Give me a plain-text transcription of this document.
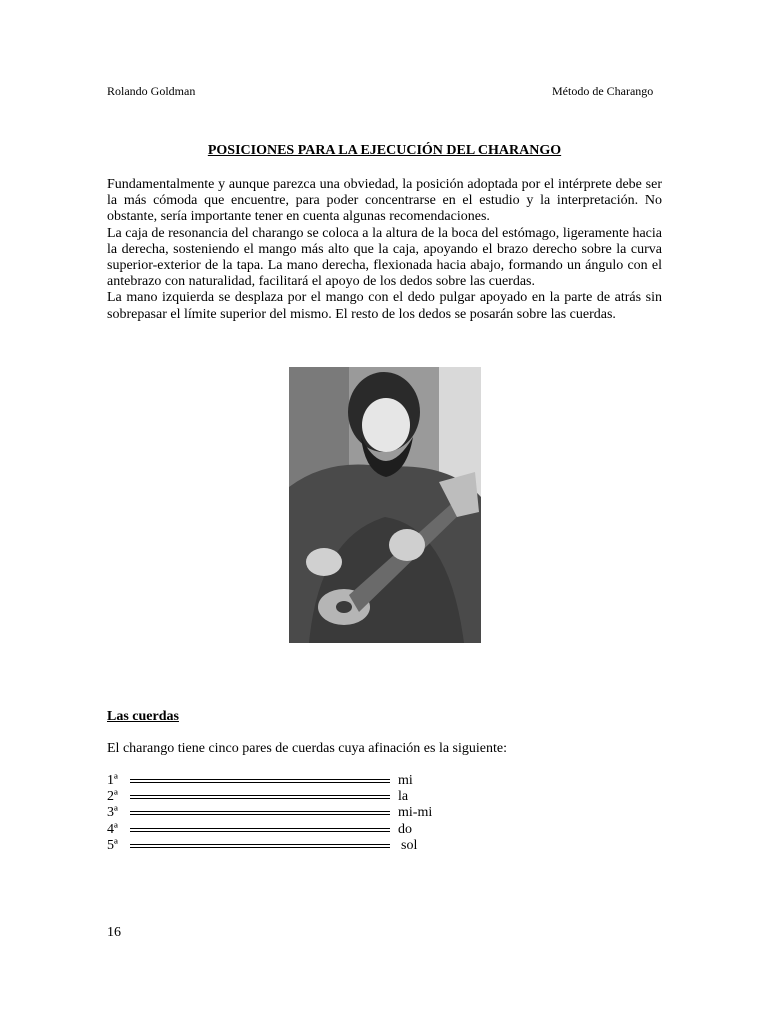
Rolando Goldman	Método de Charango
POSICIONES PARA LA EJECUCIÓN DEL CHARANGO

Fundamentalmente y aunque parezca una obviedad, la posición adoptada por el intérprete debe ser la más cómoda que encuentre, para poder concentrarse en el estudio y la interpretación. No obstante, sería importante tener en cuenta algunas recomendaciones.

La caja de resonancia del charango se coloca a la altura de la boca del estómago, ligeramente hacia la derecha, sosteniendo el mango más alto que la caja, apoyando el brazo derecho sobre la curva superior-exterior de la tapa. La mano derecha, flexionada hacia abajo, formando un ángulo con el antebrazo con naturalidad, facilitará el apoyo de los dedos sobre las cuerdas.

La mano izquierda se desplaza por el mango con el dedo pulgar apoyado en la parte de atrás sin sobrepasar el límite superior del mismo. El resto de los dedos se posarán sobre las cuerdas.

Las cuerdas
El charango tiene cinco pares de cuerdas cuya afinación es la siguiente:
1ª	mi
2ª	la
3ª	mi-mi
4ª	do
5ª	sol
16
